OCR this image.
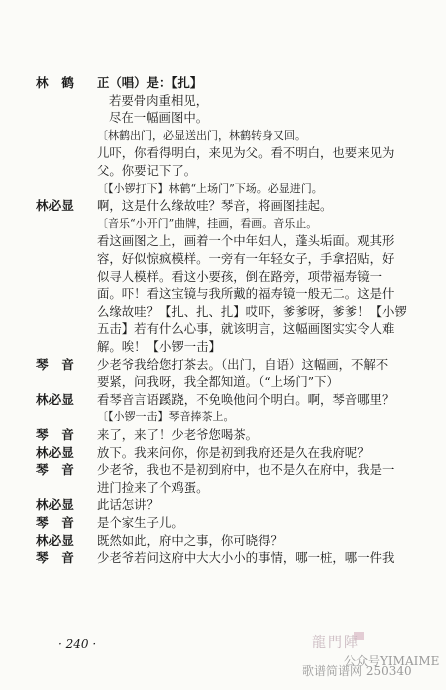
林　鹤 正（唱）是：【扎】
若要骨肉重相见，
尽在一幅画图中。
〔林鹤出门，必显送出门，林鹤转身又回。
儿吓，你看得明白，来见为父。看不明白，也要来见为
父。你要记下了。
〔【小锣打下】林鹤“上场门”下场。必显进门。
林必显 啊，这是什么缘故哇？琴音，将画图挂起。
〔音乐“小开门”曲牌，挂画，看画。音乐止。
看这画图之上，画着一个中年妇人，蓬头垢面。观其形
容，好似惊疯模样。一旁有一年轻女子，手拿招贴，好
似寻人模样。看这小要孩，倒在路旁，项带福寿镜一
面。吓！看这宝镜与我所戴的福寿镜一般无二。这是什
么缘故哇？【扎、扎、扎】哎吓，爹爹呀，爹爹！【小锣
五击】若有什么心事，就该明言，这幅画图实实令人难
解。唉！【小锣一击】
琴　音 少老爷我给您打茶去。（出门，自语）这幅画，不解不
要紧，问我呀，我全都知道。（“上场门”下）
林必显 看琴音言语蹊跷，不免唤他问个明白。啊，琴音哪里？
〔【小锣一击】琴音捧茶上。
琴　音 来了，来了！少老爷您喝茶。
林必显 放下。我来问你，你是初到我府还是久在我府呢？
琴　音 少老爷，我也不是初到府中，也不是久在府中，我是一
进门捡来了个鸡蛋。
林必显 此话怎讲？
琴　音 是个家生子儿。
林必显 既然如此，府中之事，你可晓得？
琴　音 少老爷若问这府中大大小小的事情，哪一桩，哪一件我
· 240 ·	龍門陣
公众号YIMAIME
歌谱简谱网 250340
